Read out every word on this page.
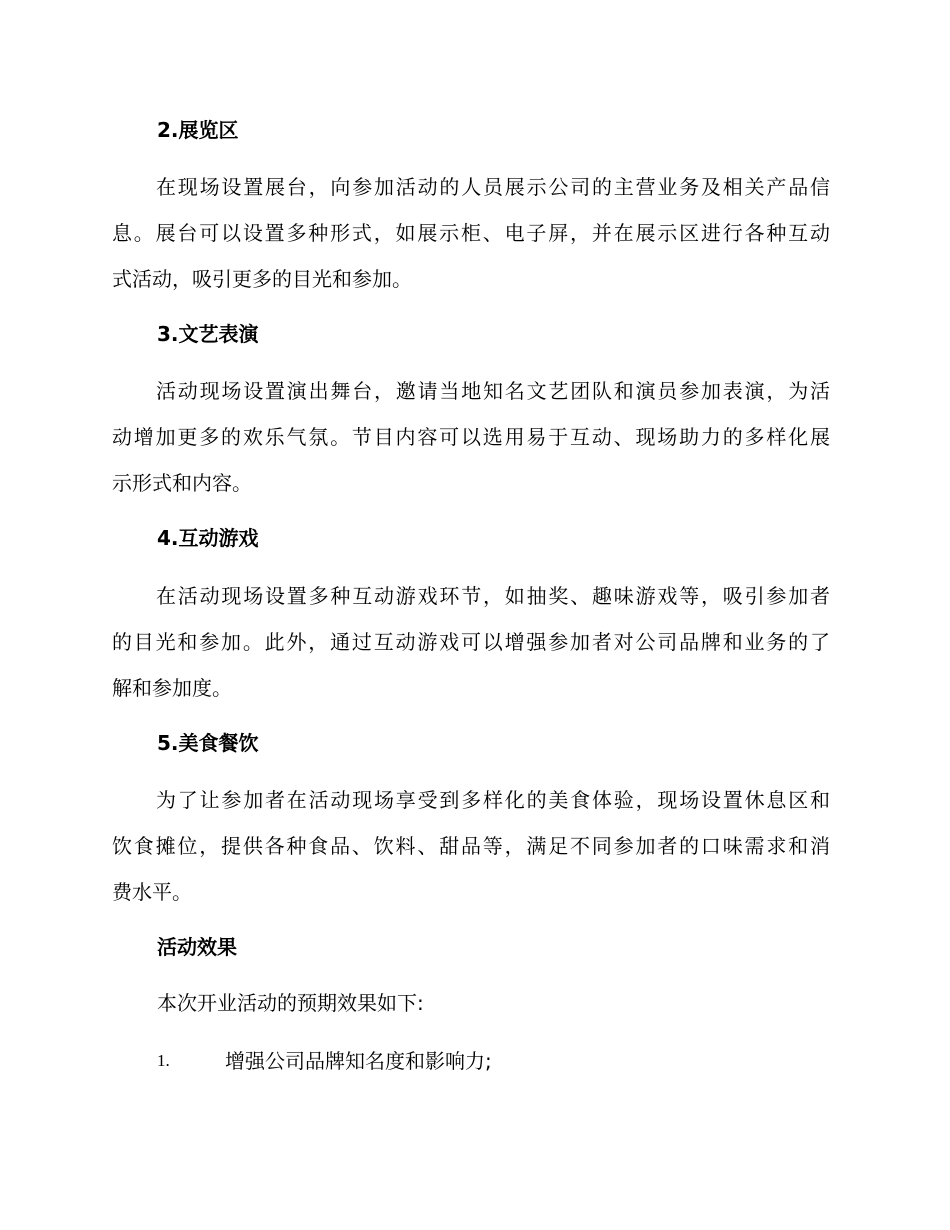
2.展览区
在现场设置展台，向参加活动的人员展示公司的主营业务及相关产品信
息。展台可以设置多种形式，如展示柜、电子屏，并在展示区进行各种互动
式活动，吸引更多的目光和参加。
3.文艺表演
活动现场设置演出舞台，邀请当地知名文艺团队和演员参加表演，为活
动增加更多的欢乐气氛。节目内容可以选用易于互动、现场助力的多样化展
示形式和内容。
4.互动游戏
在活动现场设置多种互动游戏环节，如抽奖、趣味游戏等，吸引参加者
的目光和参加。此外，通过互动游戏可以增强参加者对公司品牌和业务的了
解和参加度。
5.美食餐饮
为了让参加者在活动现场享受到多样化的美食体验，现场设置休息区和
饮食摊位，提供各种食品、饮料、甜品等，满足不同参加者的口味需求和消
费水平。
活动效果
本次开业活动的预期效果如下:
1.	增强公司品牌知名度和影响力;
